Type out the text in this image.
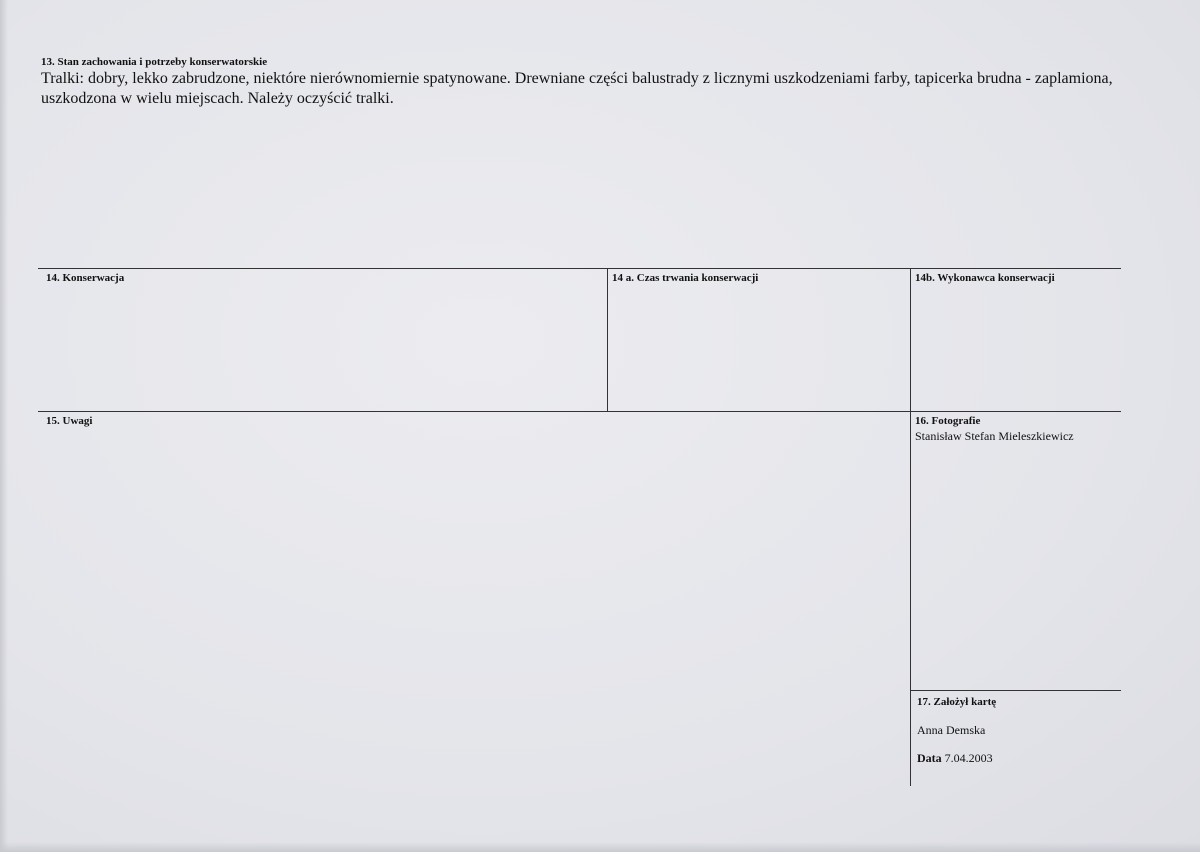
13. Stan zachowania i potrzeby konserwatorskie
Tralki: dobry, lekko zabrudzone, niektóre nierównomiernie spatynowane. Drewniane części balustrady z licznymi uszkodzeniami farby, tapicerka brudna - zaplamiona, uszkodzona w wielu miejscach. Należy oczyścić tralki.
14. Konserwacja	14 a. Czas trwania konserwacji	14b. Wykonawca konserwacji
15. Uwagi	16. Fotografie
Stanisław Stefan Mieleszkiewicz
17. Założył kartę
Anna Demska
Data 7.04.2003
